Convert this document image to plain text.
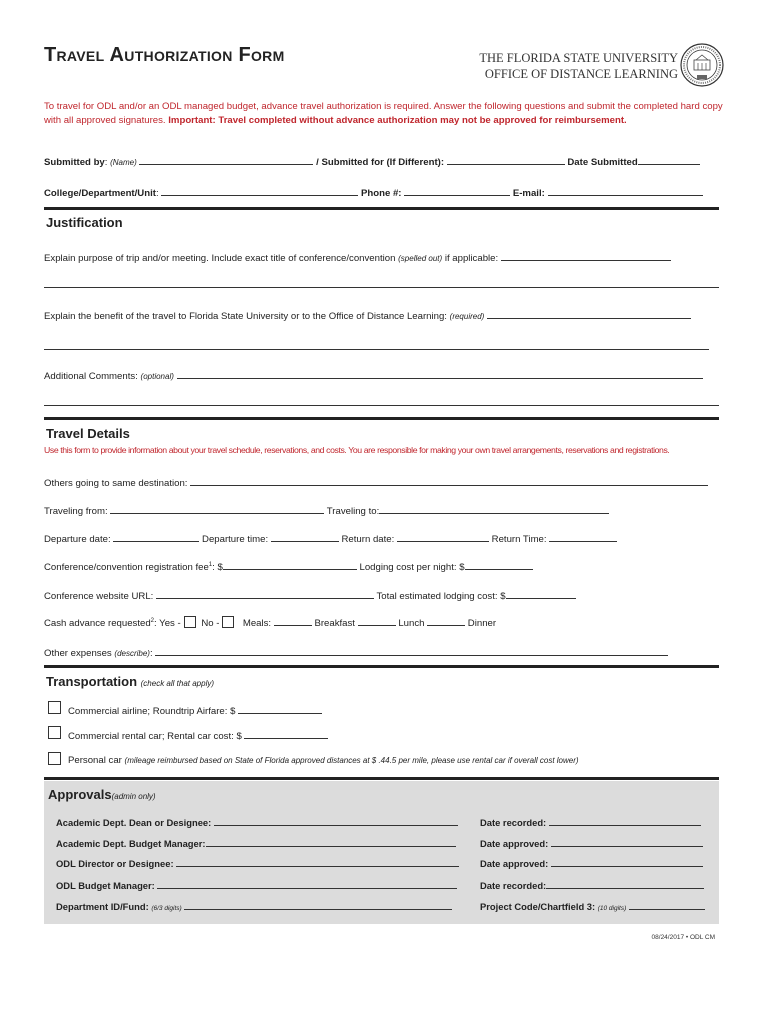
Travel Authorization Form	THE FLORIDA STATE UNIVERSITY
OFFICE OF DISTANCE LEARNING
To travel for ODL and/or an ODL managed budget, advance travel authorization is required. Answer the following questions and submit the completed hard copy with all approved signatures. Important: Travel completed without advance authorization may not be approved for reimbursement.
Submitted by: (Name)	/ Submitted for (If Different):	Date Submitted
College/Department/Unit:	Phone #:	E-mail:
Justification
Explain purpose of trip and/or meeting. Include exact title of conference/convention (spelled out) if applicable:
Explain the benefit of the travel to Florida State University or to the Office of Distance Learning: (required)
Additional Comments: (optional)
Travel Details
Use this form to provide information about your travel schedule, reservations, and costs. You are responsible for making your own travel arrangements, reservations and registrations.
Others going to same destination:
Traveling from:	Traveling to:
Departure date:	Departure time:	Return date:	Return Time:
Conference/convention registration fee$^1$: $	Lodging cost per night: $
Conference website URL:	Total estimated lodging cost: $
Cash advance requested$^2$: Yes - No - Meals:	Breakfast	Lunch	Dinner
Other expenses (describe):
Transportation (check all that apply)
Commercial airline; Roundtrip Airfare: $
Commercial rental car; Rental car cost: $
Personal car (mileage reimbursed based on State of Florida approved distances at $ .44.5 per mile, please use rental car if overall cost lower)
Approvals(admin only)
Academic Dept. Dean or Designee:	Date recorded:
Academic Dept. Budget Manager:	Date approved:
ODL Director or Designee:	Date approved:
ODL Budget Manager:	Date recorded:
Department ID/Fund: (6/3 digits)	Project Code/Chartfield 3: (10 digits)
08/24/2017 • ODL CM
